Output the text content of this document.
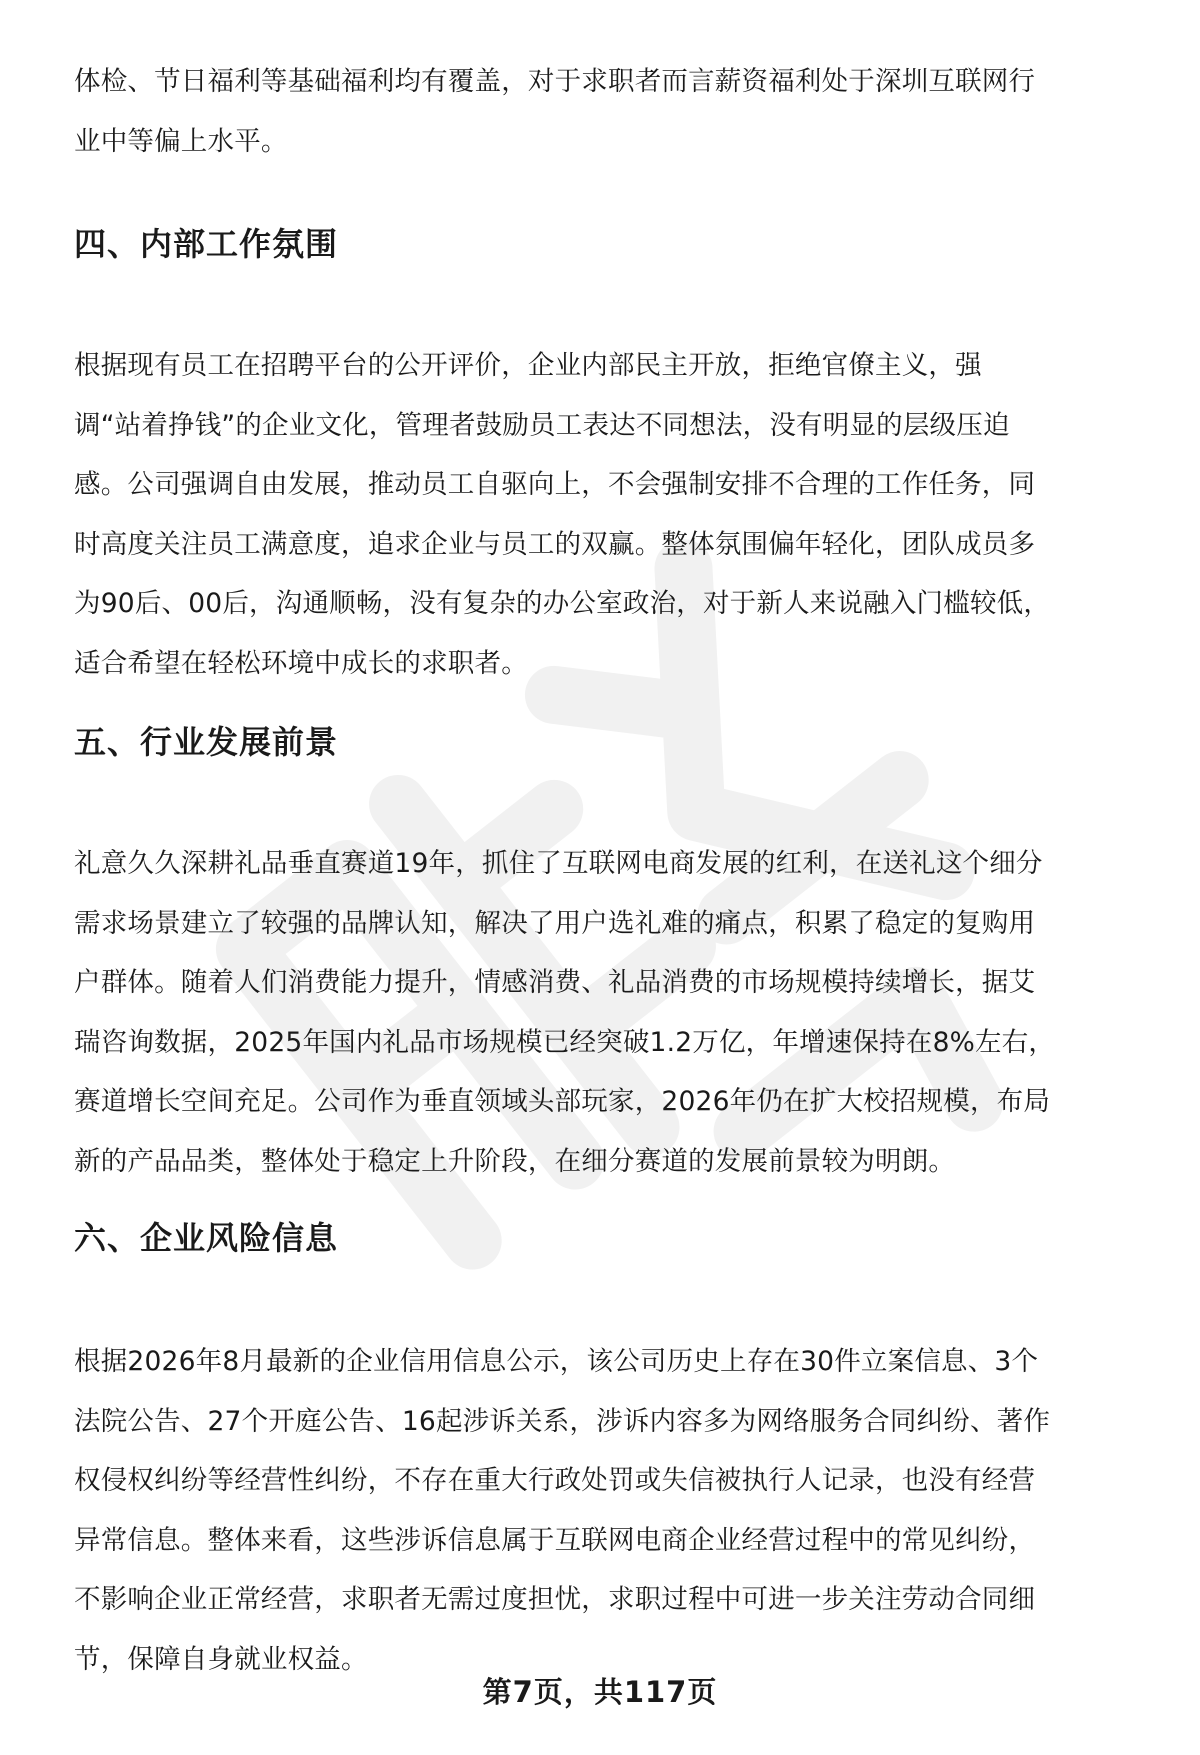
体检、节日福利等基础福利均有覆盖，对于求职者而言薪资福利处于深圳互联网行
业中等偏上水平。

四、内部工作氛围

根据现有员工在招聘平台的公开评价，企业内部民主开放，拒绝官僚主义，强
调“站着挣钱”的企业文化，管理者鼓励员工表达不同想法，没有明显的层级压迫
感。公司强调自由发展，推动员工自驱向上，不会强制安排不合理的工作任务，同
时高度关注员工满意度，追求企业与员工的双赢。整体氛围偏年轻化，团队成员多
为90后、00后，沟通顺畅，没有复杂的办公室政治，对于新人来说融入门槛较低，
适合希望在轻松环境中成长的求职者。

五、行业发展前景

礼意久久深耕礼品垂直赛道19年，抓住了互联网电商发展的红利，在送礼这个细分
需求场景建立了较强的品牌认知，解决了用户选礼难的痛点，积累了稳定的复购用
户群体。随着人们消费能力提升，情感消费、礼品消费的市场规模持续增长，据艾
瑞咨询数据，2025年国内礼品市场规模已经突破1.2万亿，年增速保持在8%左右，
赛道增长空间充足。公司作为垂直领域头部玩家，2026年仍在扩大校招规模，布局
新的产品品类，整体处于稳定上升阶段，在细分赛道的发展前景较为明朗。

六、企业风险信息

根据2026年8月最新的企业信用信息公示，该公司历史上存在30件立案信息、3个
法院公告、27个开庭公告、16起涉诉关系，涉诉内容多为网络服务合同纠纷、著作
权侵权纠纷等经营性纠纷，不存在重大行政处罚或失信被执行人记录，也没有经营
异常信息。整体来看，这些涉诉信息属于互联网电商企业经营过程中的常见纠纷，
不影响企业正常经营，求职者无需过度担忧，求职过程中可进一步关注劳动合同细
节，保障自身就业权益。

第7页，共117页
